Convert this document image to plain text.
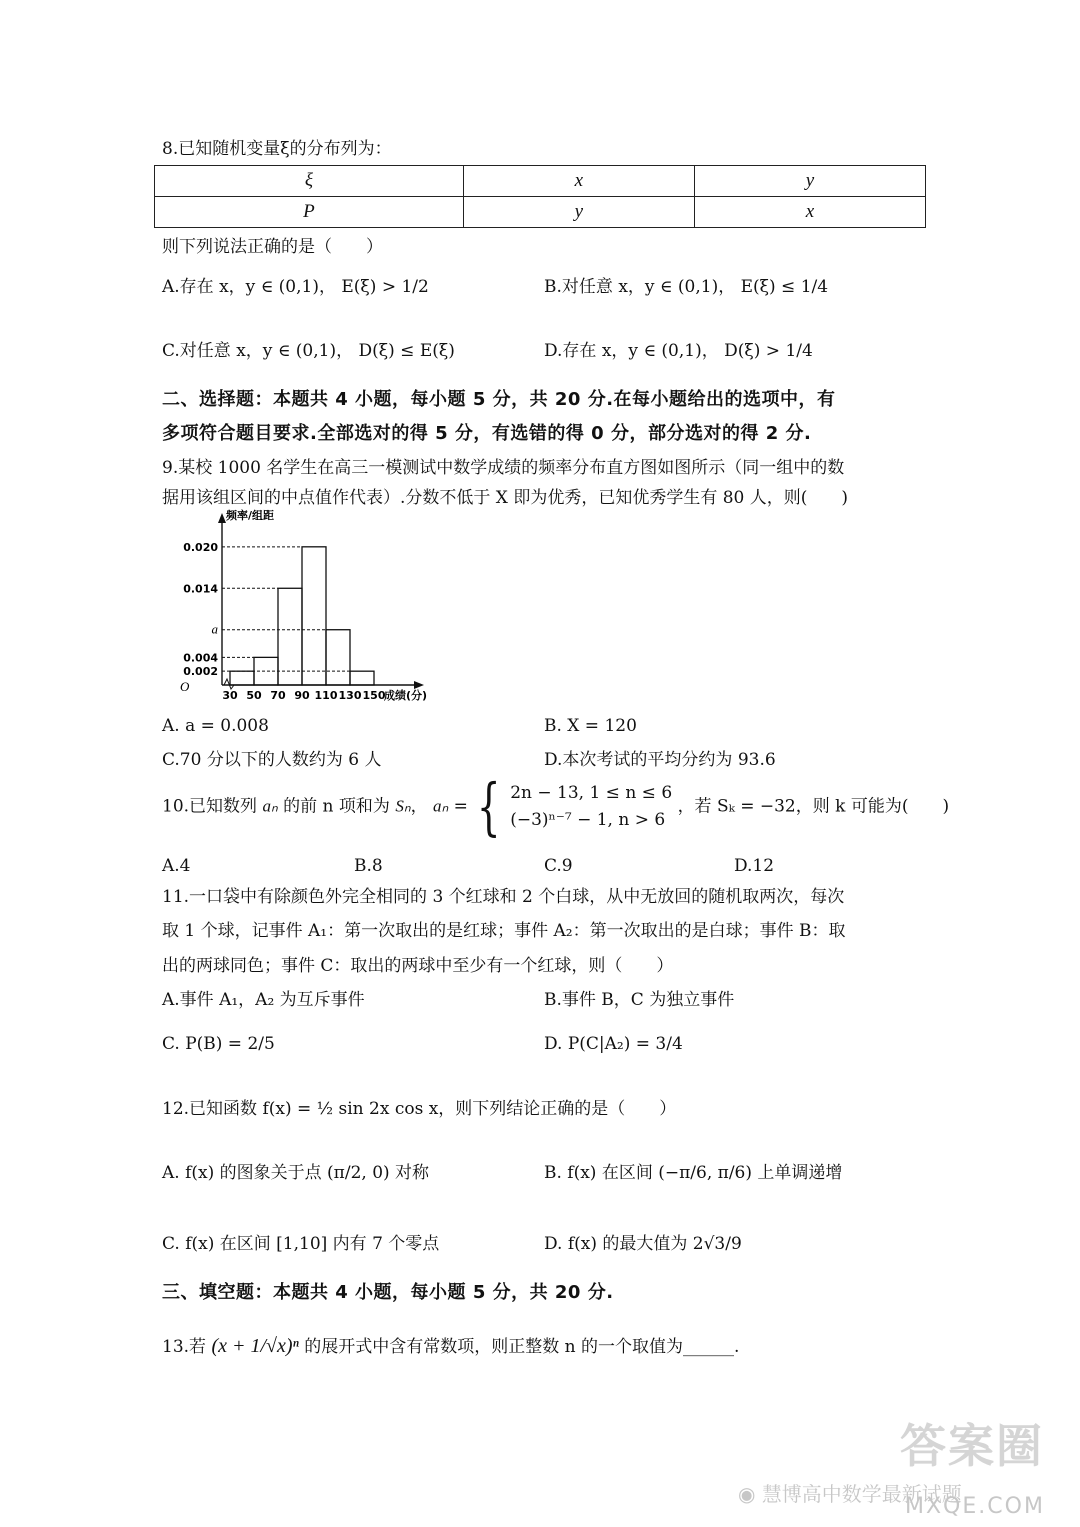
8.已知随机变量ξ的分布列为：
ξ	x	y
P	y	x
则下列说法正确的是（　　）
A.存在 x，y ∈ (0,1)， E(ξ) > 1/2	B.对任意 x，y ∈ (0,1)， E(ξ) ≤ 1/4
C.对任意 x，y ∈ (0,1)， D(ξ) ≤ E(ξ)	D.存在 x，y ∈ (0,1)， D(ξ) > 1/4
二、选择题：本题共 4 小题，每小题 5 分，共 20 分.在每小题给出的选项中，有
多项符合题目要求.全部选对的得 5 分，有选错的得 0 分，部分选对的得 2 分.
9.某校 1000 名学生在高三一模测试中数学成绩的频率分布直方图如图所示（同一组中的数
据用该组区间的中点值作代表）.分数不低于 X 即为优秀，已知优秀学生有 80 人，则(　　)
O
频率/组距
成绩(分)
0.002
0.004
a
0.014
0.020
30 50 70 90 110 130 150
A. a = 0.008	B. X = 120
C.70 分以下的人数约为 6 人	D.本次考试的平均分约为 93.6
10.已知数列 aₙ 的前 n 项和为 Sₙ， aₙ = { 2n − 13, 1 ≤ n ≤ 6
(−3)ⁿ⁻⁷ − 1, n > 6
，若 Sₖ = −32，则 k 可能为(　　)
A.4	B.8	C.9	D.12
11.一口袋中有除颜色外完全相同的 3 个红球和 2 个白球，从中无放回的随机取两次，每次
取 1 个球，记事件 A₁：第一次取出的是红球；事件 A₂：第一次取出的是白球；事件 B：取
出的两球同色；事件 C：取出的两球中至少有一个红球，则（　　）
A.事件 A₁，A₂ 为互斥事件	B.事件 B，C 为独立事件
C. P(B) = 2/5	D. P(C|A₂) = 3/4
12.已知函数 f(x) = ½ sin 2x cos x，则下列结论正确的是（　　）
A. f(x) 的图象关于点 (π/2, 0) 对称	B. f(x) 在区间 (−π/6, π/6) 上单调递增
C. f(x) 在区间 [1,10] 内有 7 个零点	D. f(x) 的最大值为 2√3/9
三、填空题：本题共 4 小题，每小题 5 分，共 20 分.
13.若 (x + 1/√x)ⁿ 的展开式中含有常数项，则正整数 n 的一个取值为______.
◉ 慧博高中数学最新试题
答案圈
MXQE.COM
